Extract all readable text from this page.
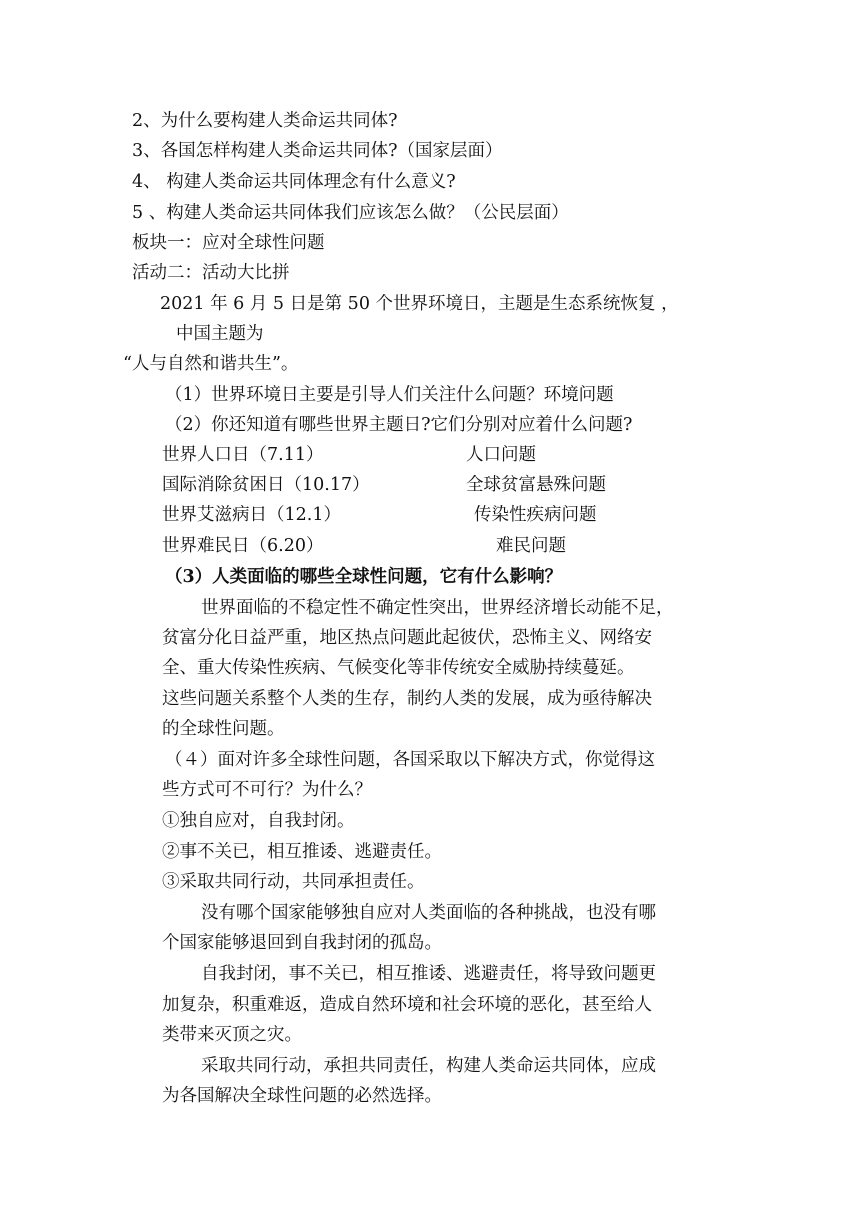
2、为什么要构建人类命运共同体?
3、各国怎样构建人类命运共同体?（国家层面）
4、 构建人类命运共同体理念有什么意义?
5 、构建人类命运共同体我们应该怎么做？（公民层面）
板块一：应对全球性问题
活动二：活动大比拼
2021 年 6 月 5 日是第 50 个世界环境日，主题是生态系统恢复 ，
中国主题为
“人与自然和谐共生”。
（1）世界环境日主要是引导人们关注什么问题？环境问题
（2）你还知道有哪些世界主题日?它们分别对应着什么问题?
世界人口日（7.11）	人口问题
国际消除贫困日（10.17）	全球贫富悬殊问题
世界艾滋病日（12.1）	传染性疾病问题
世界难民日（6.20）	难民问题
（3）人类面临的哪些全球性问题，它有什么影响？
世界面临的不稳定性不确定性突出，世界经济增长动能不足，
贫富分化日益严重，地区热点问题此起彼伏，恐怖主义、网络安
全、重大传染性疾病、气候变化等非传统安全威胁持续蔓延。
这些问题关系整个人类的生存，制约人类的发展，成为亟待解决
的全球性问题。
（４）面对许多全球性问题，各国采取以下解决方式，你觉得这
些方式可不可行？为什么？
①独自应对，自我封闭。
②事不关已，相互推诿、逃避责任。
③采取共同行动，共同承担责任。
没有哪个国家能够独自应对人类面临的各种挑战，也没有哪
个国家能够退回到自我封闭的孤岛。
自我封闭，事不关已，相互推诿、逃避责任，将导致问题更
加复杂，积重难返，造成自然环境和社会环境的恶化，甚至给人
类带来灭顶之灾。
采取共同行动，承担共同责任，构建人类命运共同体，应成
为各国解决全球性问题的必然选择。
